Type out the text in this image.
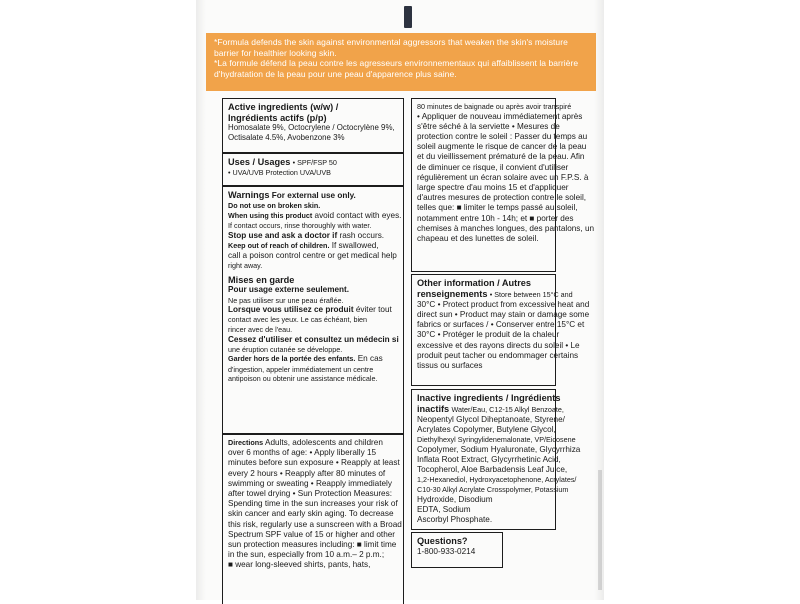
*Formula defends the skin against environmental aggressors that weaken the skin's moisture barrier for healthier looking skin.

*La formule défend la peau contre les agresseurs environnementaux qui affaiblissent la barrière d'hydratation de la peau pour une peau d'apparence plus saine.

Active ingredients (w/w) /
Ingrédients actifs (p/p)
Homosalate 9%, Octocrylene / Octocrylène 9%,
Octisalate 4.5%, Avobenzone 3%
Uses / Usages • SPF/FSP 50
• UVA/UVB Protection UVA/UVB
Warnings For external use only.
Do not use on broken skin.
When using this product avoid contact with eyes.
If contact occurs, rinse thoroughly with water.
Stop use and ask a doctor if rash occurs.
Keep out of reach of children. If swallowed,
call a poison control centre or get medical help
right away.
Mises en garde
Pour usage externe seulement.
Ne pas utiliser sur une peau éraflée.
Lorsque vous utilisez ce produit éviter tout
contact avec les yeux. Le cas échéant, bien
rincer avec de l'eau.
Cessez d'utiliser et consultez un médecin si
une éruption cutanée se développe.
Garder hors de la portée des enfants. En cas
d'ingestion, appeler immédiatement un centre
antipoison ou obtenir une assistance médicale.
Directions Adults, adolescents and children
over 6 months of age: • Apply liberally 15
minutes before sun exposure • Reapply at least
every 2 hours • Reapply after 80 minutes of
swimming or sweating • Reapply immediately
after towel drying • Sun Protection Measures:
Spending time in the sun increases your risk of
skin cancer and early skin aging. To decrease
this risk, regularly use a sunscreen with a Broad
Spectrum SPF value of 15 or higher and other
sun protection measures including: ■ limit time
in the sun, especially from 10 a.m.– 2 p.m.;
■ wear long-sleeved shirts, pants, hats,
80 minutes de baignade ou après avoir transpiré
• Appliquer de nouveau immédiatement après
s'être séché à la serviette • Mesures de
protection contre le soleil : Passer du temps au
soleil augmente le risque de cancer de la peau
et du vieillissement prématuré de la peau. Afin
de diminuer ce risque, il convient d'utiliser
régulièrement un écran solaire avec un F.P.S. à
large spectre d'au moins 15 et d'appliquer
d'autres mesures de protection contre le soleil,
telles que: ■ limiter le temps passé au soleil,
notamment entre 10h - 14h; et ■ porter des
chemises à manches longues, des pantalons, un
chapeau et des lunettes de soleil.
Other information / Autres
renseignements • Store between 15°C and
30°C • Protect product from excessive heat and
direct sun • Product may stain or damage some
fabrics or surfaces / • Conserver entre 15°C et
30°C • Protéger le produit de la chaleur
excessive et des rayons directs du soleil • Le
produit peut tacher ou endommager certains
tissus ou surfaces
Inactive ingredients / Ingrédients
inactifs Water/Eau, C12-15 Alkyl Benzoate,
Neopentyl Glycol Diheptanoate, Styrene/
Acrylates Copolymer, Butylene Glycol,
Diethylhexyl Syringylidenemalonate, VP/Eicosene
Copolymer, Sodium Hyaluronate, Glycyrrhiza
Inflata Root Extract, Glycyrrhetinic Acid,
Tocopherol, Aloe Barbadensis Leaf Juice,
1,2-Hexanediol, Hydroxyacetophenone, Acrylates/
C10-30 Alkyl Acrylate Crosspolymer, Potassium
Hydroxide, Disodium
EDTA, Sodium
Ascorbyl Phosphate.
Questions?
1-800-933-0214
